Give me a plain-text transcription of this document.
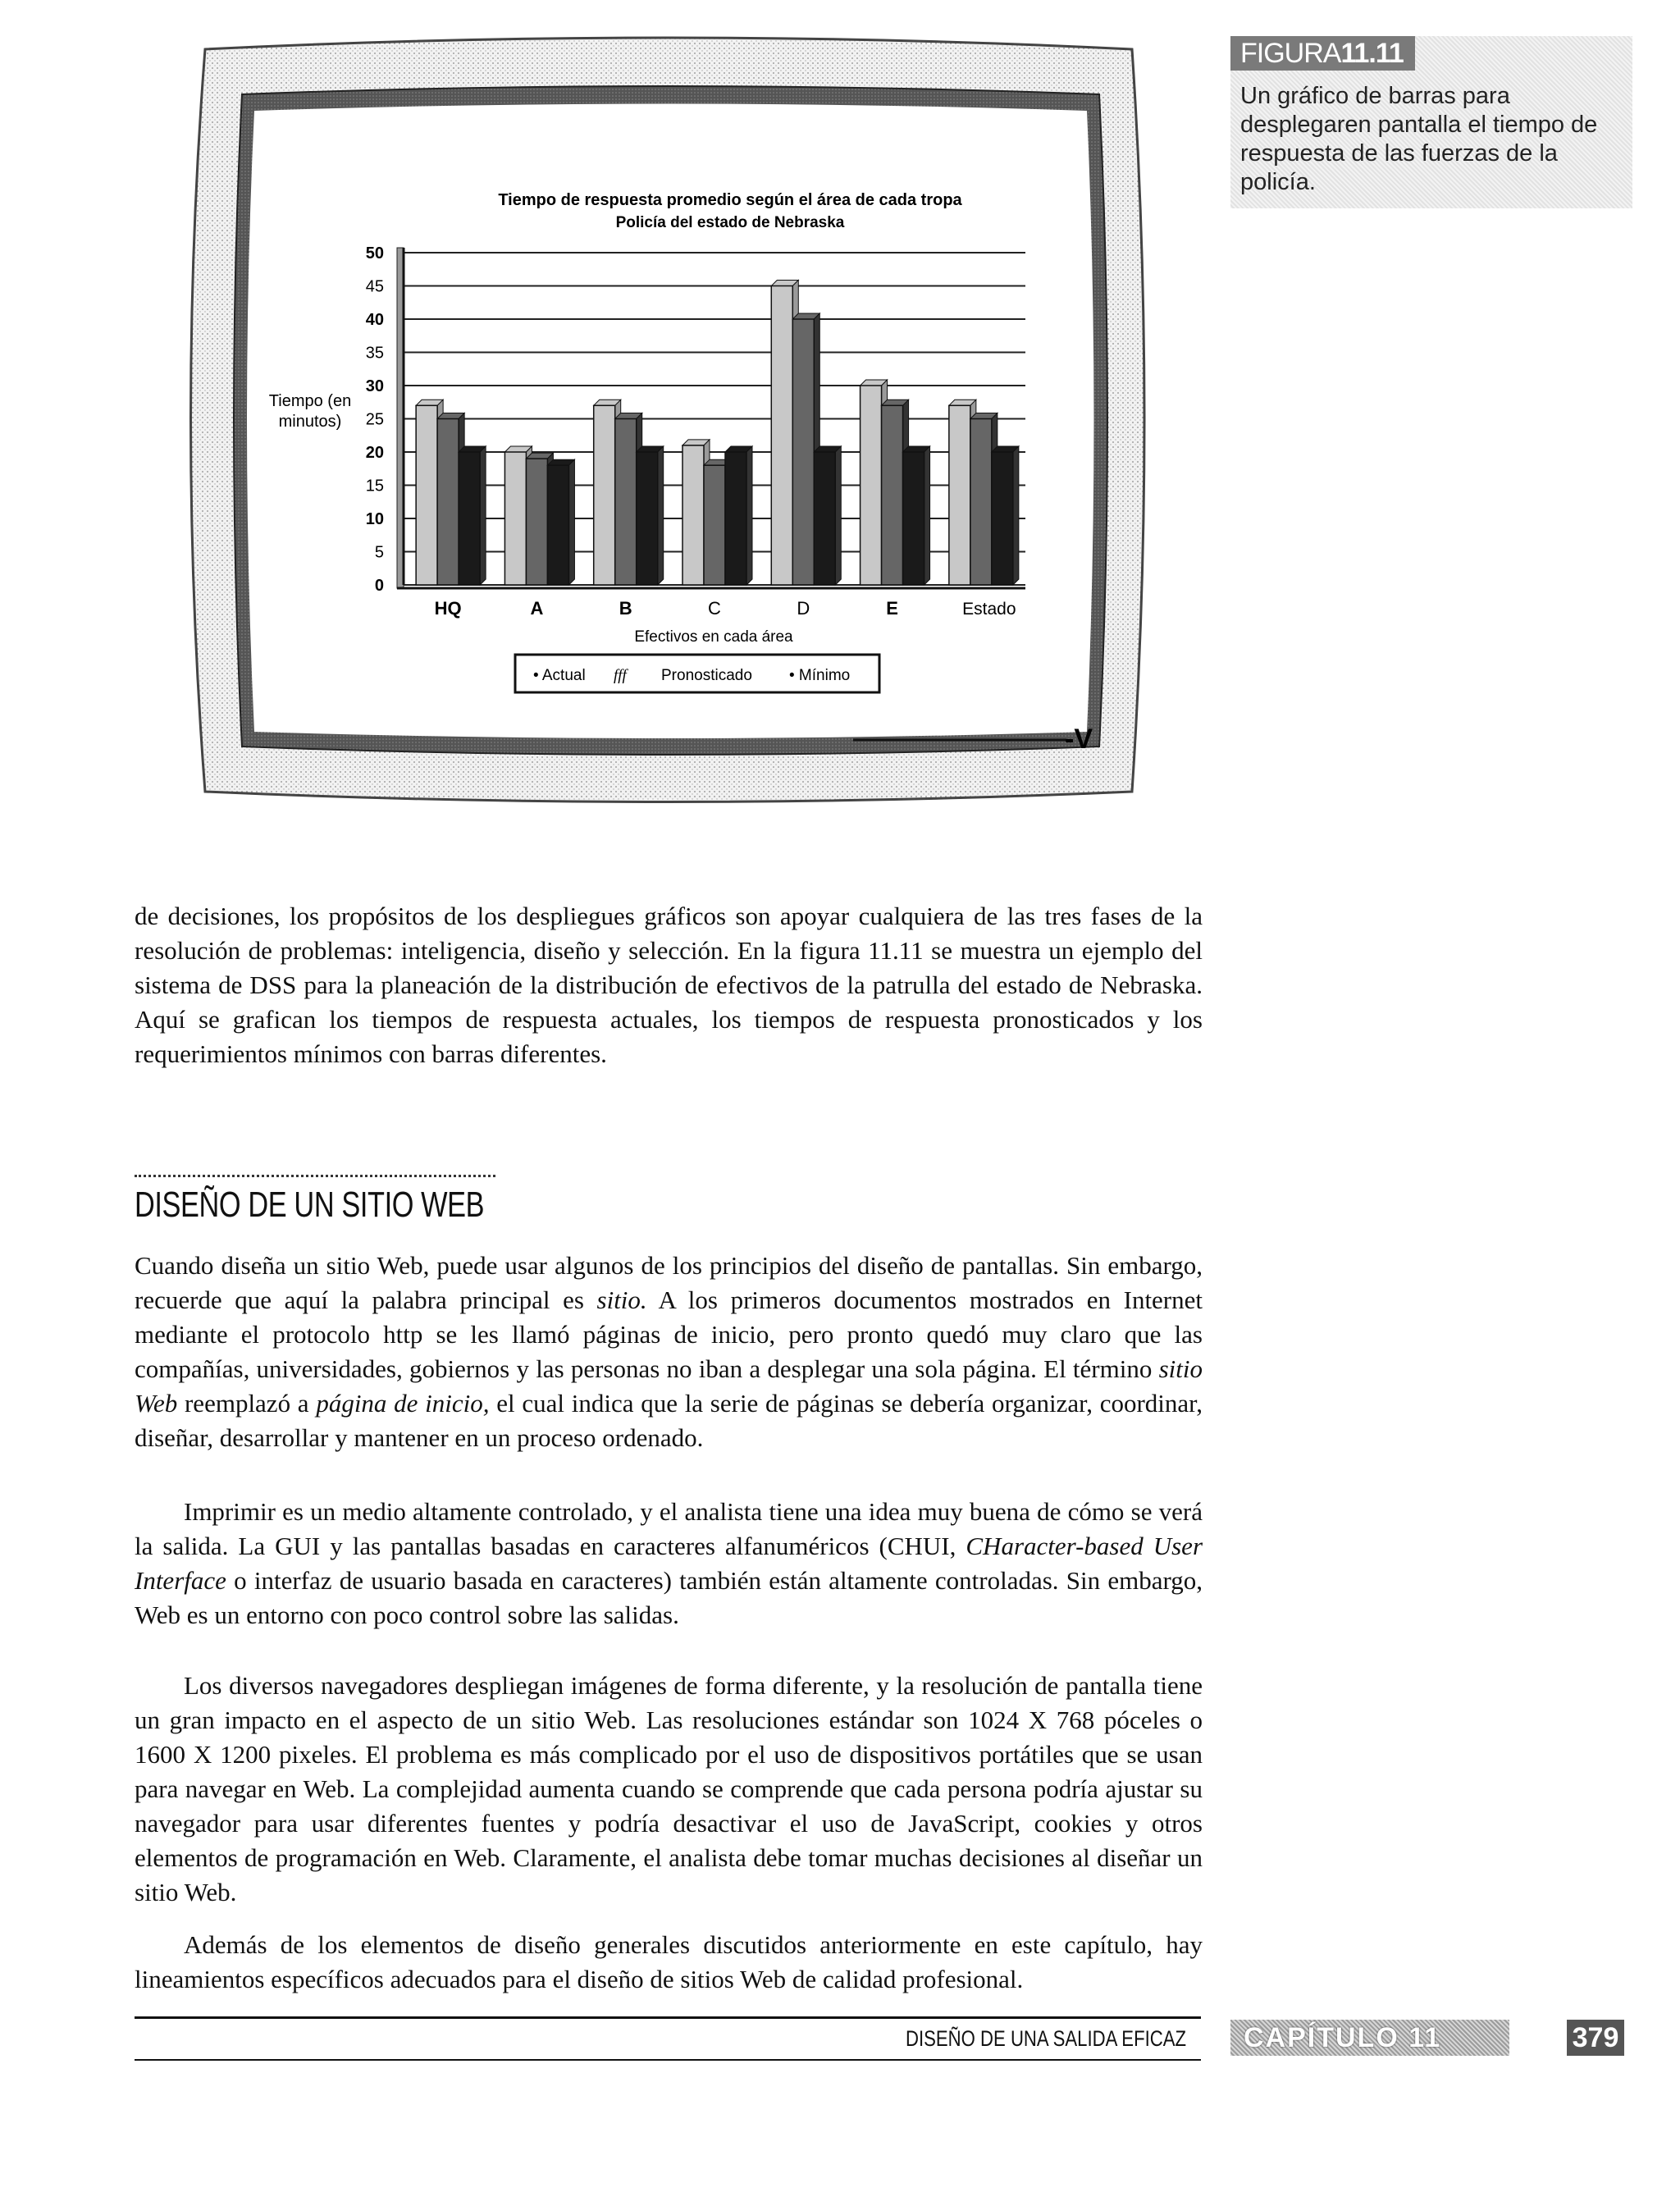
Tiempo de respuesta promedio según el área de cada tropa
Policía del estado de Nebraska
0
5
10
15
20
25
30
35
40
45
50
Tiempo (en
minutos)
HQ	A	B	C	D	E	Estado
Efectivos en cada área
• Actual fff Pronosticado • Mínimo
-V
FIGURA11.11
Un gráfico de barras para desplegaren pantalla el tiempo de respuesta de las fuerzas de la policía.

de decisiones, los propósitos de los despliegues gráficos son apoyar cualquiera de las tres fases de la resolución de problemas: inteligencia, diseño y selección. En la figura 11.11 se muestra un ejemplo del sistema de DSS para la planeación de la distribución de efectivos de la patrulla del estado de Nebraska. Aquí se grafican los tiempos de respuesta actuales, los tiempos de respuesta pronosticados y los requerimientos mínimos con barras diferentes.

DISEÑO DE UN SITIO WEB

Cuando diseña un sitio Web, puede usar algunos de los principios del diseño de pantallas. Sin embargo, recuerde que aquí la palabra principal es sitio. A los primeros documentos mostrados en Internet mediante el protocolo http se les llamó páginas de inicio, pero pronto quedó muy claro que las compañías, universidades, gobiernos y las personas no iban a desplegar una sola página. El término sitio Web reemplazó a página de inicio, el cual indica que la serie de páginas se debería organizar, coordinar, diseñar, desarrollar y mantener en un proceso ordenado.

Imprimir es un medio altamente controlado, y el analista tiene una idea muy buena de cómo se verá la salida. La GUI y las pantallas basadas en caracteres alfanuméricos (CHUI, CHaracter-based User Interface o interfaz de usuario basada en caracteres) también están altamente controladas. Sin embargo, Web es un entorno con poco control sobre las salidas.

Los diversos navegadores despliegan imágenes de forma diferente, y la resolución de pantalla tiene un gran impacto en el aspecto de un sitio Web. Las resoluciones estándar son 1024 X 768 póceles o 1600 X 1200 pixeles. El problema es más complicado por el uso de dispositivos portátiles que se usan para navegar en Web. La complejidad aumenta cuando se comprende que cada persona podría ajustar su navegador para usar diferentes fuentes y podría desactivar el uso de JavaScript, cookies y otros elementos de programación en Web. Claramente, el analista debe tomar muchas decisiones al diseñar un sitio Web.

Además de los elementos de diseño generales discutidos anteriormente en este capítulo, hay lineamientos específicos adecuados para el diseño de sitios Web de calidad profesional.

DISEÑO DE UNA SALIDA EFICAZ	CAPÍTULO 11	379
